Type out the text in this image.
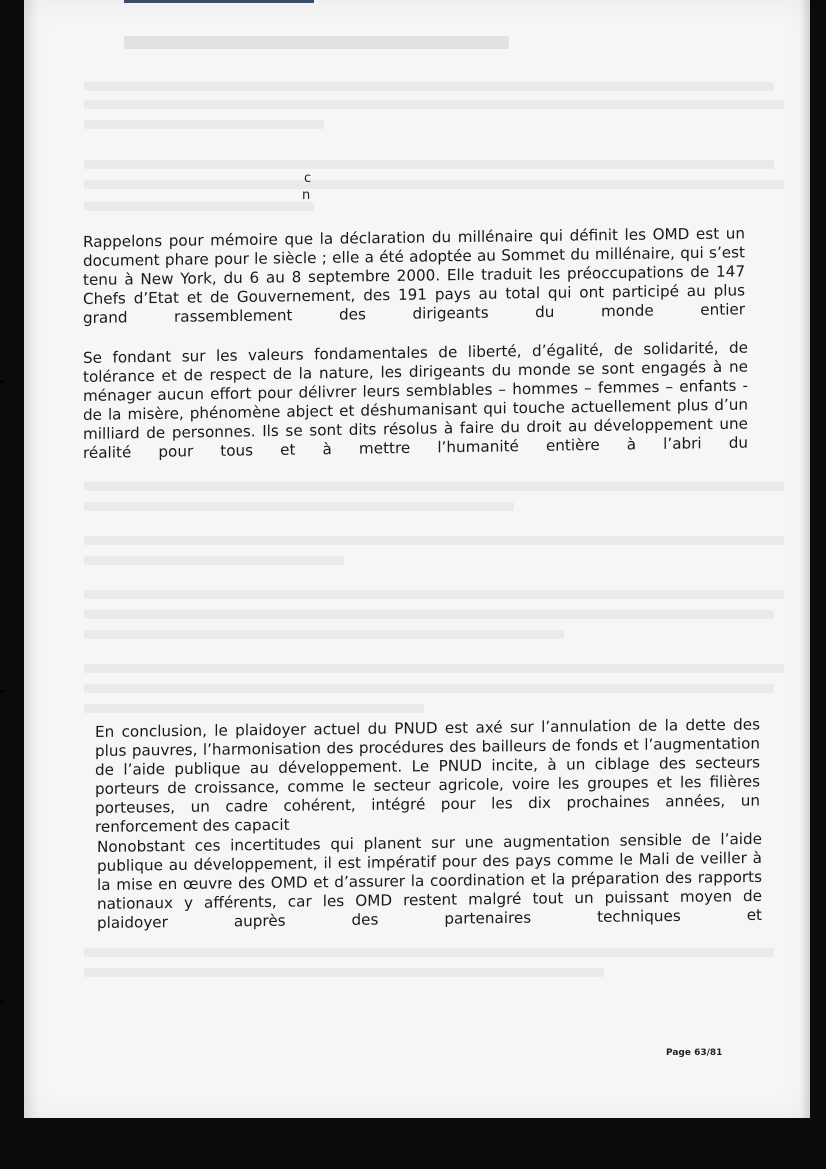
c
n
Rappelons pour mémoire que la déclaration du millénaire qui définit les OMD est un document phare pour le siècle ; elle a été adoptée au Sommet du millénaire, qui s’est tenu à New York, du 6 au 8 septembre 2000. Elle traduit les préoccupations de 147 Chefs d’Etat et de Gouvernement, des 191 pays au total qui ont participé au plus grand rassemblement des dirigeants du monde entier
Se fondant sur les valeurs fondamentales de liberté, d’égalité, de solidarité, de tolérance et de respect de la nature, les dirigeants du monde se sont engagés à ne ménager aucun effort pour délivrer leurs semblables – hommes – femmes – enfants - de la misère, phénomène abject et déshumanisant qui touche actuellement plus d’un milliard de personnes. Ils se sont dits résolus à faire du droit au développement une réalité pour tous et à mettre l’humanité entière à l’abri du
En conclusion, le plaidoyer actuel du PNUD est axé sur l’annulation de la dette des plus pauvres, l’harmonisation des procédures des bailleurs de fonds et l’augmentation de l’aide publique au développement. Le PNUD incite, à un ciblage des secteurs porteurs de croissance, comme le secteur agricole, voire les groupes et les filières porteuses, un cadre cohérent, intégré pour les dix prochaines années, un renforcement des capacit
Nonobstant ces incertitudes qui planent sur une augmentation sensible de l’aide publique au développement, il est impératif pour des pays comme le Mali de veiller à la mise en œuvre des OMD et d’assurer la coordination et la préparation des rapports nationaux y afférents, car les OMD restent malgré tout un puissant moyen de plaidoyer auprès des partenaires techniques et
Page 63/81
